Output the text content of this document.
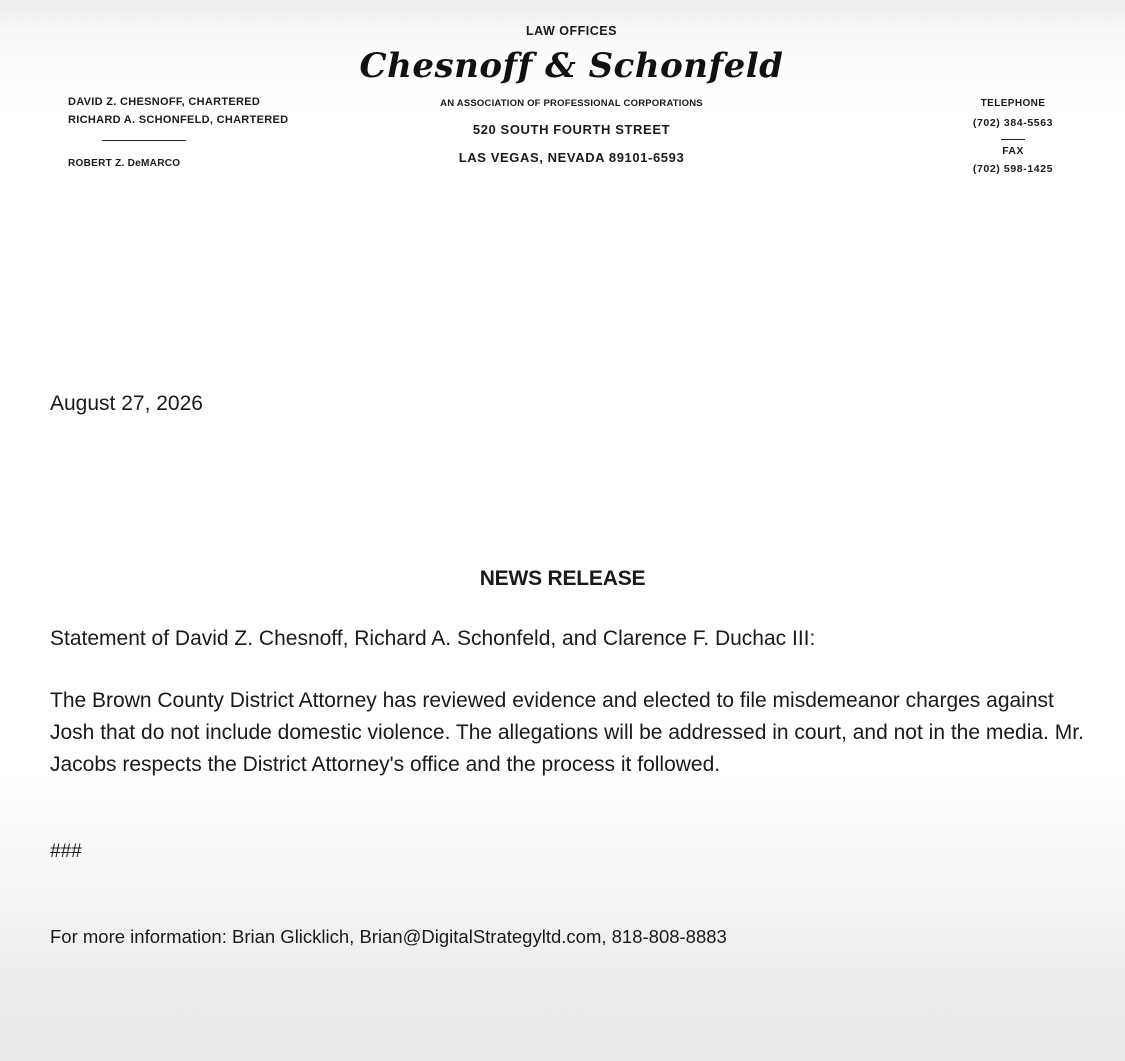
LAW OFFICES
Chesnoff & Schonfeld
AN ASSOCIATION OF PROFESSIONAL CORPORATIONS
520 SOUTH FOURTH STREET
LAS VEGAS, NEVADA 89101-6593
DAVID Z. CHESNOFF, CHARTERED
RICHARD A. SCHONFELD, CHARTERED
ROBERT Z. DeMARCO
TELEPHONE
(702) 384-5563
FAX
(702) 598-1425
August 27, 2026
NEWS RELEASE
Statement of David Z. Chesnoff, Richard A. Schonfeld, and Clarence F. Duchac III:
The Brown County District Attorney has reviewed evidence and elected to file misdemeanor charges against Josh that do not include domestic violence. The allegations will be addressed in court, and not in the media. Mr. Jacobs respects the District Attorney's office and the process it followed.
###
For more information: Brian Glicklich, Brian@DigitalStrategyltd.com, 818-808-8883
